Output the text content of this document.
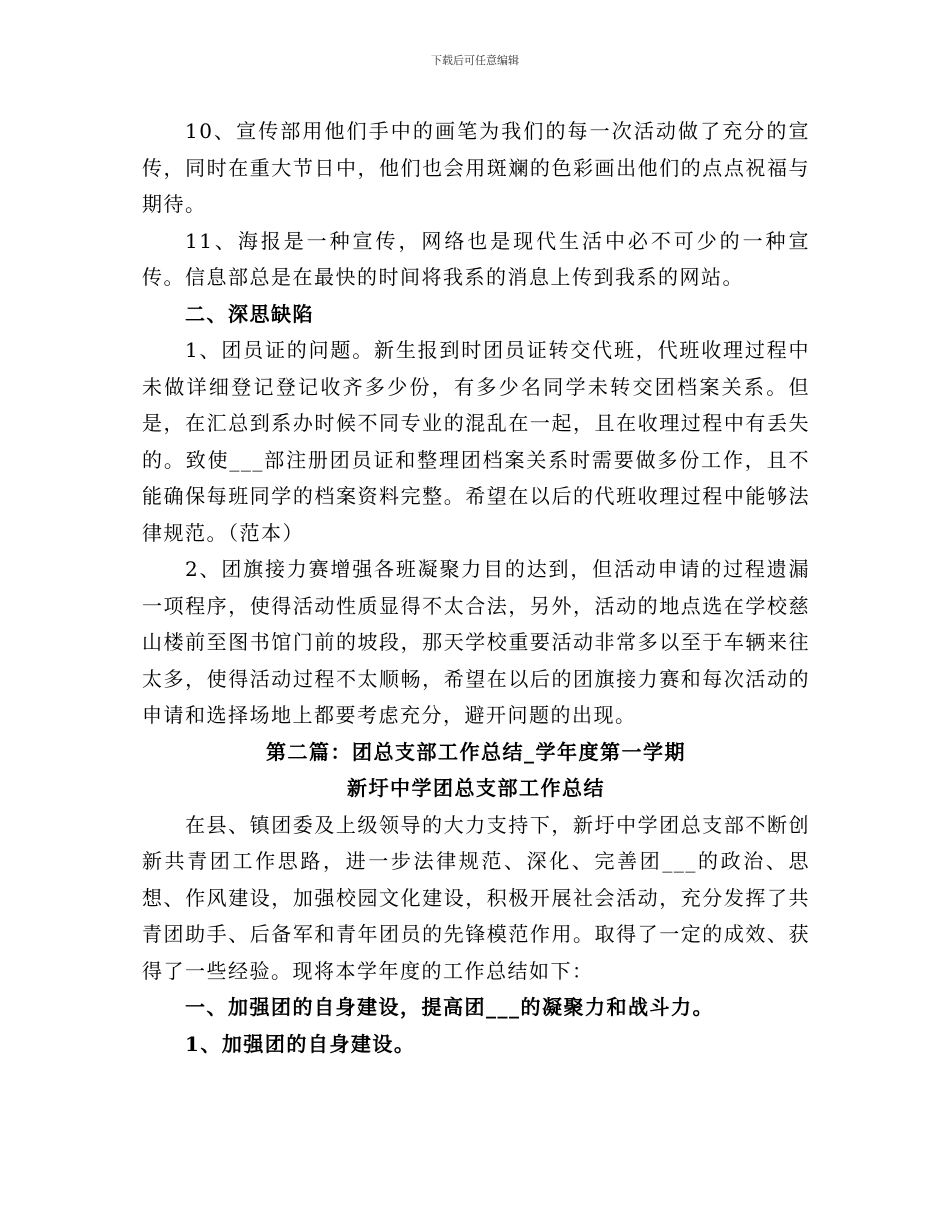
下载后可任意编辑

10、宣传部用他们手中的画笔为我们的每一次活动做了充分的宣传，同时在重大节日中，他们也会用斑斓的色彩画出他们的点点祝福与期待。

11、海报是一种宣传，网络也是现代生活中必不可少的一种宣传。信息部总是在最快的时间将我系的消息上传到我系的网站。

二、深思缺陷

1、团员证的问题。新生报到时团员证转交代班，代班收理过程中未做详细登记登记收齐多少份，有多少名同学未转交团档案关系。但是，在汇总到系办时候不同专业的混乱在一起，且在收理过程中有丢失的。致使___部注册团员证和整理团档案关系时需要做多份工作，且不能确保每班同学的档案资料完整。希望在以后的代班收理过程中能够法律规范。（范本）

2、团旗接力赛增强各班凝聚力目的达到，但活动申请的过程遗漏一项程序，使得活动性质显得不太合法，另外，活动的地点选在学校慈山楼前至图书馆门前的坡段，那天学校重要活动非常多以至于车辆来往太多，使得活动过程不太顺畅，希望在以后的团旗接力赛和每次活动的申请和选择场地上都要考虑充分，避开问题的出现。

第二篇：团总支部工作总结_学年度第一学期

新圩中学团总支部工作总结

在县、镇团委及上级领导的大力支持下，新圩中学团总支部不断创新共青团工作思路，进一步法律规范、深化、完善团___的政治、思想、作风建设，加强校园文化建设，积极开展社会活动，充分发挥了共青团助手、后备军和青年团员的先锋模范作用。取得了一定的成效、获得了一些经验。现将本学年度的工作总结如下：

一、加强团的自身建设，提高团___的凝聚力和战斗力。

1、加强团的自身建设。
